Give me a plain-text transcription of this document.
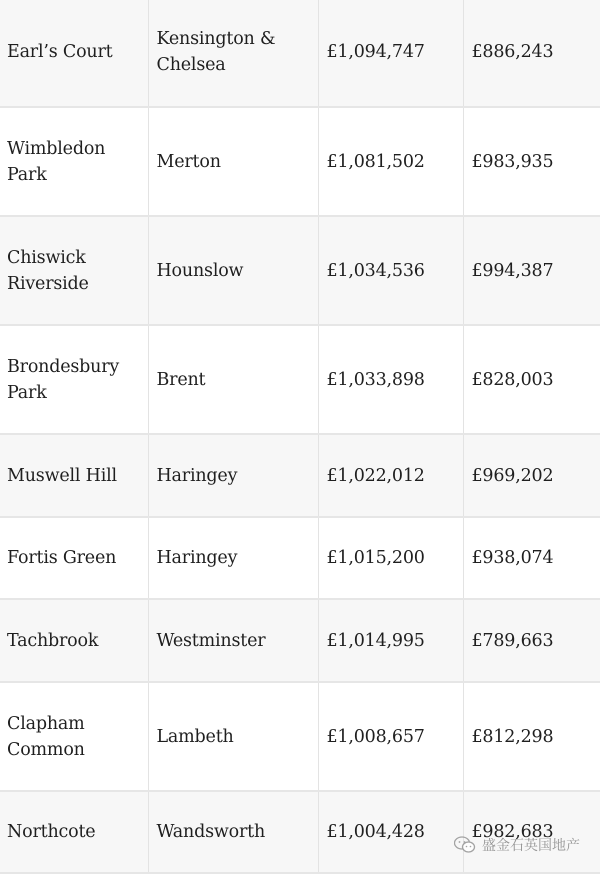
Earl’s Court	Kensington & Chelsea	£1,094,747	£886,243
Wimbledon Park	Merton	£1,081,502	£983,935
Chiswick Riverside	Hounslow	£1,034,536	£994,387
Brondesbury Park	Brent	£1,033,898	£828,003
Muswell Hill	Haringey	£1,022,012	£969,202
Fortis Green	Haringey	£1,015,200	£938,074
Tachbrook	Westminster	£1,014,995	£789,663
Clapham Common	Lambeth	£1,008,657	£812,298
Northcote	Wandsworth	£1,004,428	£982,683
盛金石英国地产
